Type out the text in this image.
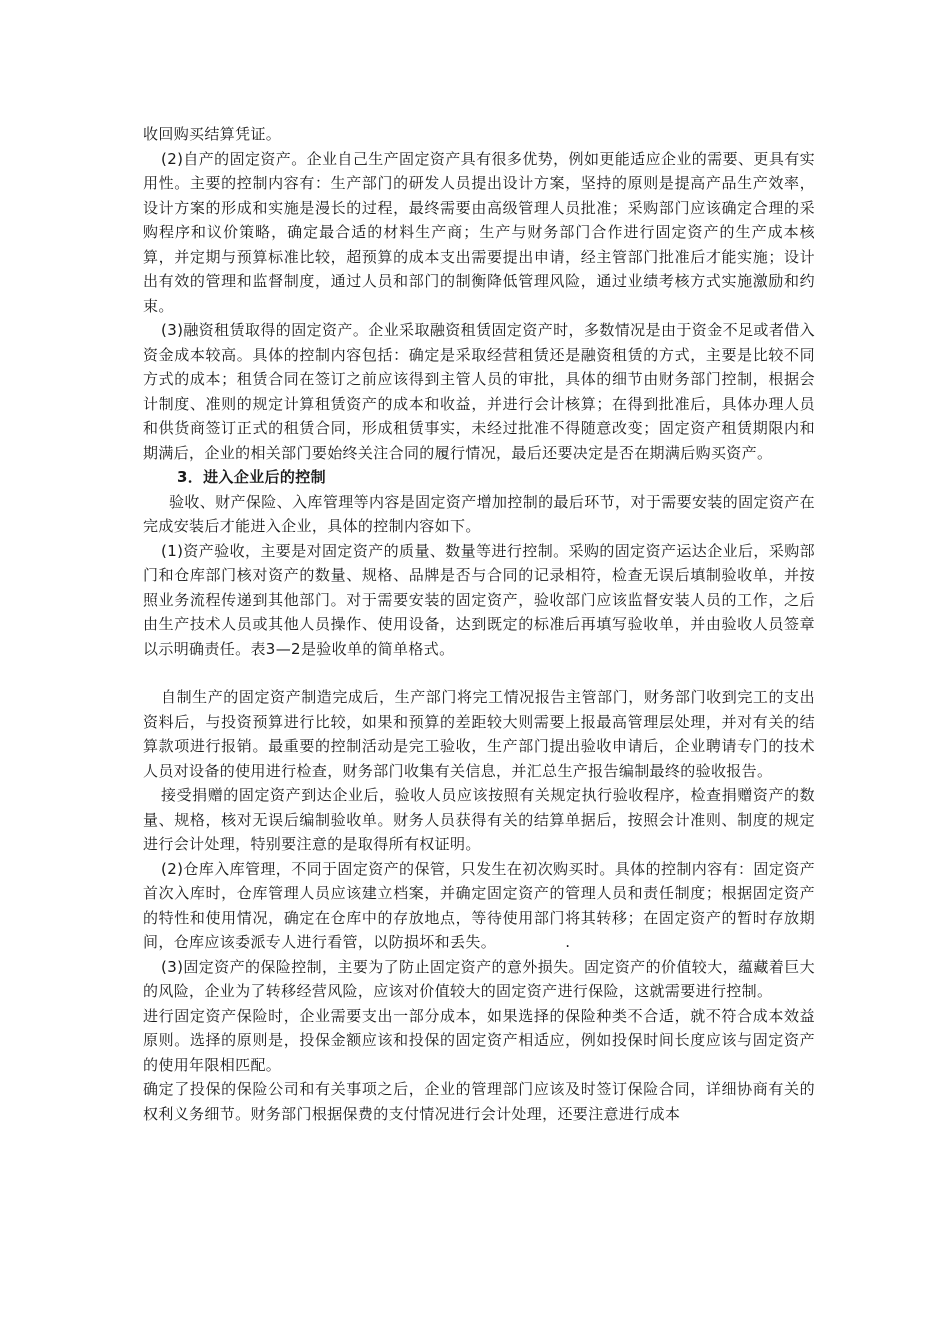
收回购买结算凭证。

(2)自产的固定资产。企业自己生产固定资产具有很多优势，例如更能适应企业的需要、更具有实用性。主要的控制内容有：生产部门的研发人员提出设计方案，坚持的原则是提高产品生产效率，设计方案的形成和实施是漫长的过程，最终需要由高级管理人员批准；采购部门应该确定合理的采购程序和议价策略，确定最合适的材料生产商；生产与财务部门合作进行固定资产的生产成本核算，并定期与预算标准比较，超预算的成本支出需要提出申请，经主管部门批准后才能实施；设计出有效的管理和监督制度，通过人员和部门的制衡降低管理风险，通过业绩考核方式实施激励和约束。

(3)融资租赁取得的固定资产。企业采取融资租赁固定资产时，多数情况是由于资金不足或者借入资金成本较高。具体的控制内容包括：确定是采取经营租赁还是融资租赁的方式，主要是比较不同方式的成本；租赁合同在签订之前应该得到主管人员的审批，具体的细节由财务部门控制，根据会计制度、准则的规定计算租赁资产的成本和收益，并进行会计核算；在得到批准后，具体办理人员和供货商签订正式的租赁合同，形成租赁事实，未经过批准不得随意改变；固定资产租赁期限内和期满后，企业的相关部门要始终关注合同的履行情况，最后还要决定是否在期满后购买资产。

3．进入企业后的控制

验收、财产保险、入库管理等内容是固定资产增加控制的最后环节，对于需要安装的固定资产在完成安装后才能进入企业，具体的控制内容如下。

(1)资产验收，主要是对固定资产的质量、数量等进行控制。采购的固定资产运达企业后，采购部门和仓库部门核对资产的数量、规格、品牌是否与合同的记录相符，检查无误后填制验收单，并按照业务流程传递到其他部门。对于需要安装的固定资产，验收部门应该监督安装人员的工作，之后由生产技术人员或其他人员操作、使用设备，达到既定的标准后再填写验收单，并由验收人员签章以示明确责任。表3—2是验收单的简单格式。

自制生产的固定资产制造完成后，生产部门将完工情况报告主管部门，财务部门收到完工的支出资料后，与投资预算进行比较，如果和预算的差距较大则需要上报最高管理层处理，并对有关的结算款项进行报销。最重要的控制活动是完工验收，生产部门提出验收申请后，企业聘请专门的技术人员对设备的使用进行检查，财务部门收集有关信息，并汇总生产报告编制最终的验收报告。

接受捐赠的固定资产到达企业后，验收人员应该按照有关规定执行验收程序，检查捐赠资产的数量、规格，核对无误后编制验收单。财务人员获得有关的结算单据后，按照会计准则、制度的规定进行会计处理，特别要注意的是取得所有权证明。

(2)仓库入库管理，不同于固定资产的保管，只发生在初次购买时。具体的控制内容有：固定资产首次入库时，仓库管理人员应该建立档案，并确定固定资产的管理人员和责任制度；根据固定资产的特性和使用情况，确定在仓库中的存放地点，等待使用部门将其转移；在固定资产的暂时存放期间，仓库应该委派专人进行看管，以防损坏和丢失。　　　　　.

(3)固定资产的保险控制，主要为了防止固定资产的意外损失。固定资产的价值较大，蕴藏着巨大的风险，企业为了转移经营风险，应该对价值较大的固定资产进行保险，这就需要进行控制。

进行固定资产保险时，企业需要支出一部分成本，如果选择的保险种类不合适，就不符合成本效益原则。选择的原则是，投保金额应该和投保的固定资产相适应，例如投保时间长度应该与固定资产的使用年限相匹配。

确定了投保的保险公司和有关事项之后，企业的管理部门应该及时签订保险合同，详细协商有关的权利义务细节。财务部门根据保费的支付情况进行会计处理，还要注意进行成本
